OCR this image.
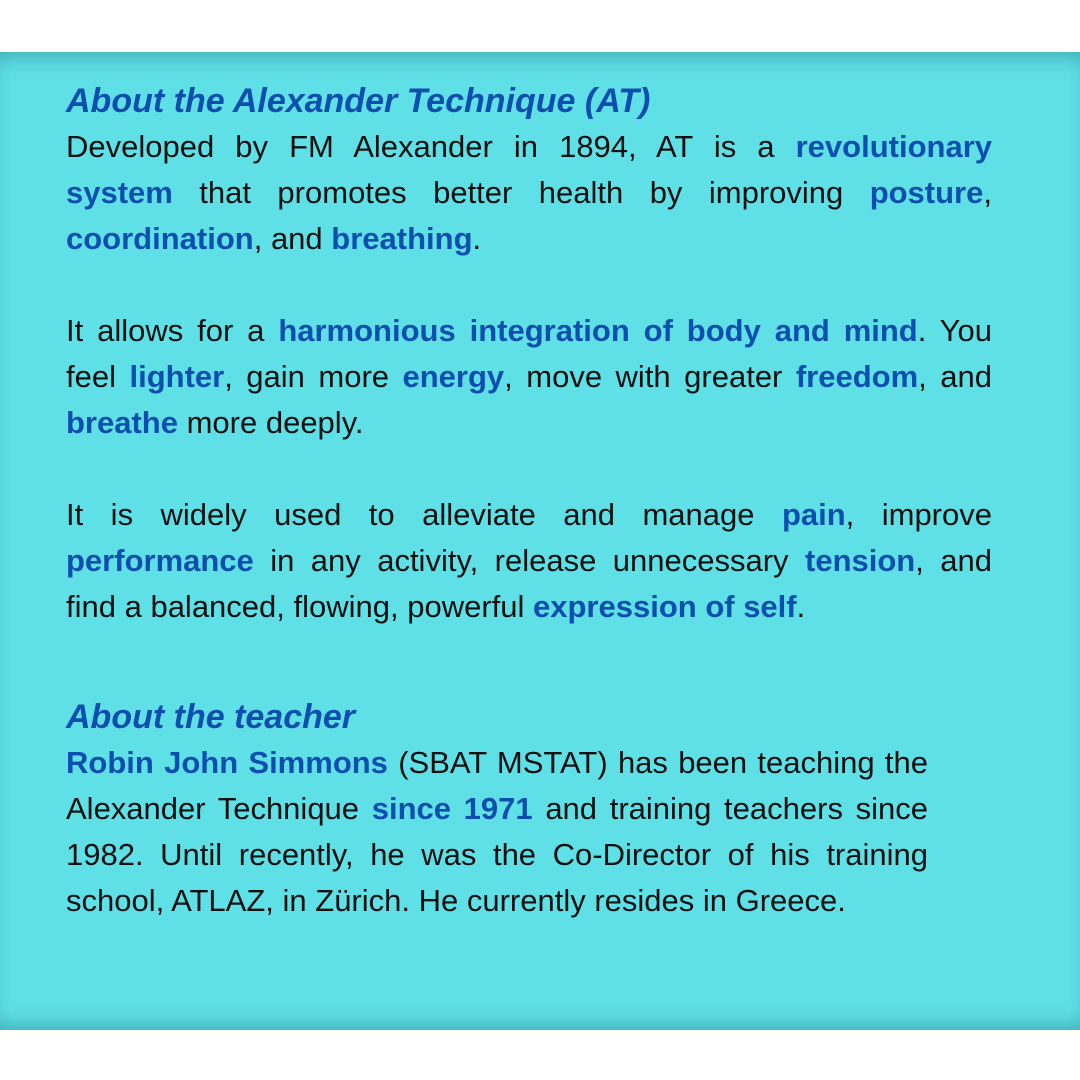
About the Alexander Technique (AT)

Developed by FM Alexander in 1894, AT is a revolutionary system that promotes better health by improving posture, coordination, and breathing.

It allows for a harmonious integration of body and mind. You feel lighter, gain more energy, move with greater freedom, and breathe more deeply.

It is widely used to alleviate and manage pain, improve performance in any activity, release unnecessary tension, and find a balanced, flowing, powerful expression of self.

About the teacher

Robin John Simmons (SBAT MSTAT) has been teaching the Alexander Technique since 1971 and training teachers since 1982. Until recently, he was the Co-Director of his training school, ATLAZ, in Zürich. He currently resides in Greece.
